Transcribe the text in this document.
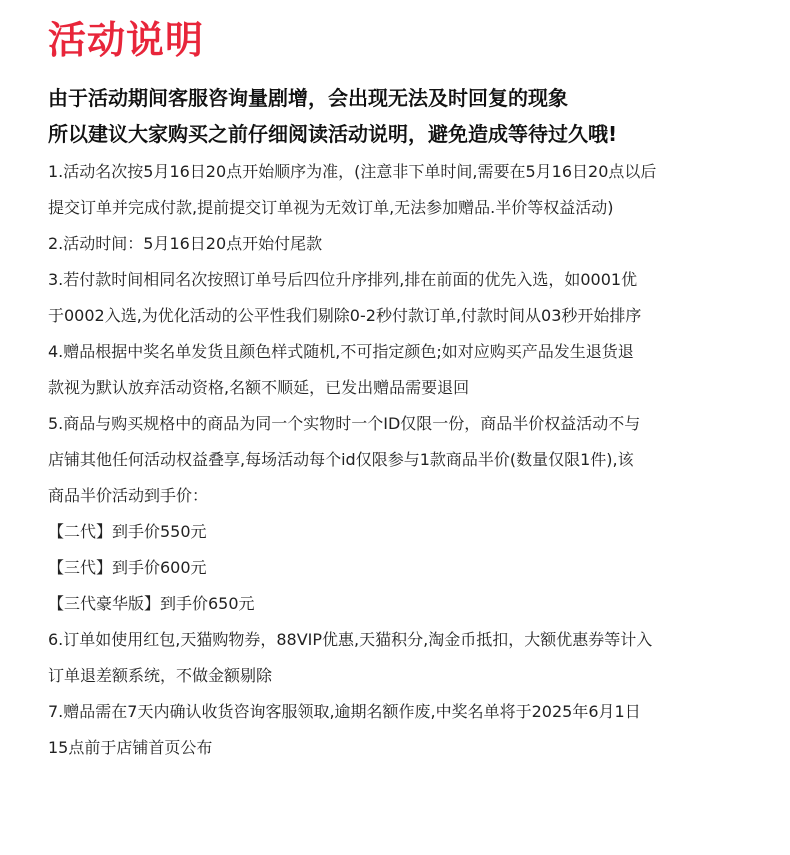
活动说明
由于活动期间客服咨询量剧增，会出现无法及时回复的现象
所以建议大家购买之前仔细阅读活动说明，避免造成等待过久哦!
1.活动名次按5月16日20点开始顺序为准，(注意非下单时间,需要在5月16日20点以后
提交订单并完成付款,提前提交订单视为无效订单,无法参加赠品.半价等权益活动)
2.活动时间：5月16日20点开始付尾款
3.若付款时间相同名次按照订单号后四位升序排列,排在前面的优先入选，如0001优
于0002入选,为优化活动的公平性我们剔除0-2秒付款订单,付款时间从03秒开始排序
4.赠品根据中奖名单发货且颜色样式随机,不可指定颜色;如对应购买产品发生退货退
款视为默认放弃活动资格,名额不顺延，已发出赠品需要退回
5.商品与购买规格中的商品为同一个实物时一个ID仅限一份，商品半价权益活动不与
店铺其他任何活动权益叠享,每场活动每个id仅限参与1款商品半价(数量仅限1件),该
商品半价活动到手价：
【二代】到手价550元
【三代】到手价600元
【三代豪华版】到手价650元
6.订单如使用红包,天猫购物券，88VIP优惠,天猫积分,淘金币抵扣，大额优惠券等计入
订单退差额系统，不做金额剔除
7.赠品需在7天内确认收货咨询客服领取,逾期名额作废,中奖名单将于2025年6月1日
15点前于店铺首页公布
